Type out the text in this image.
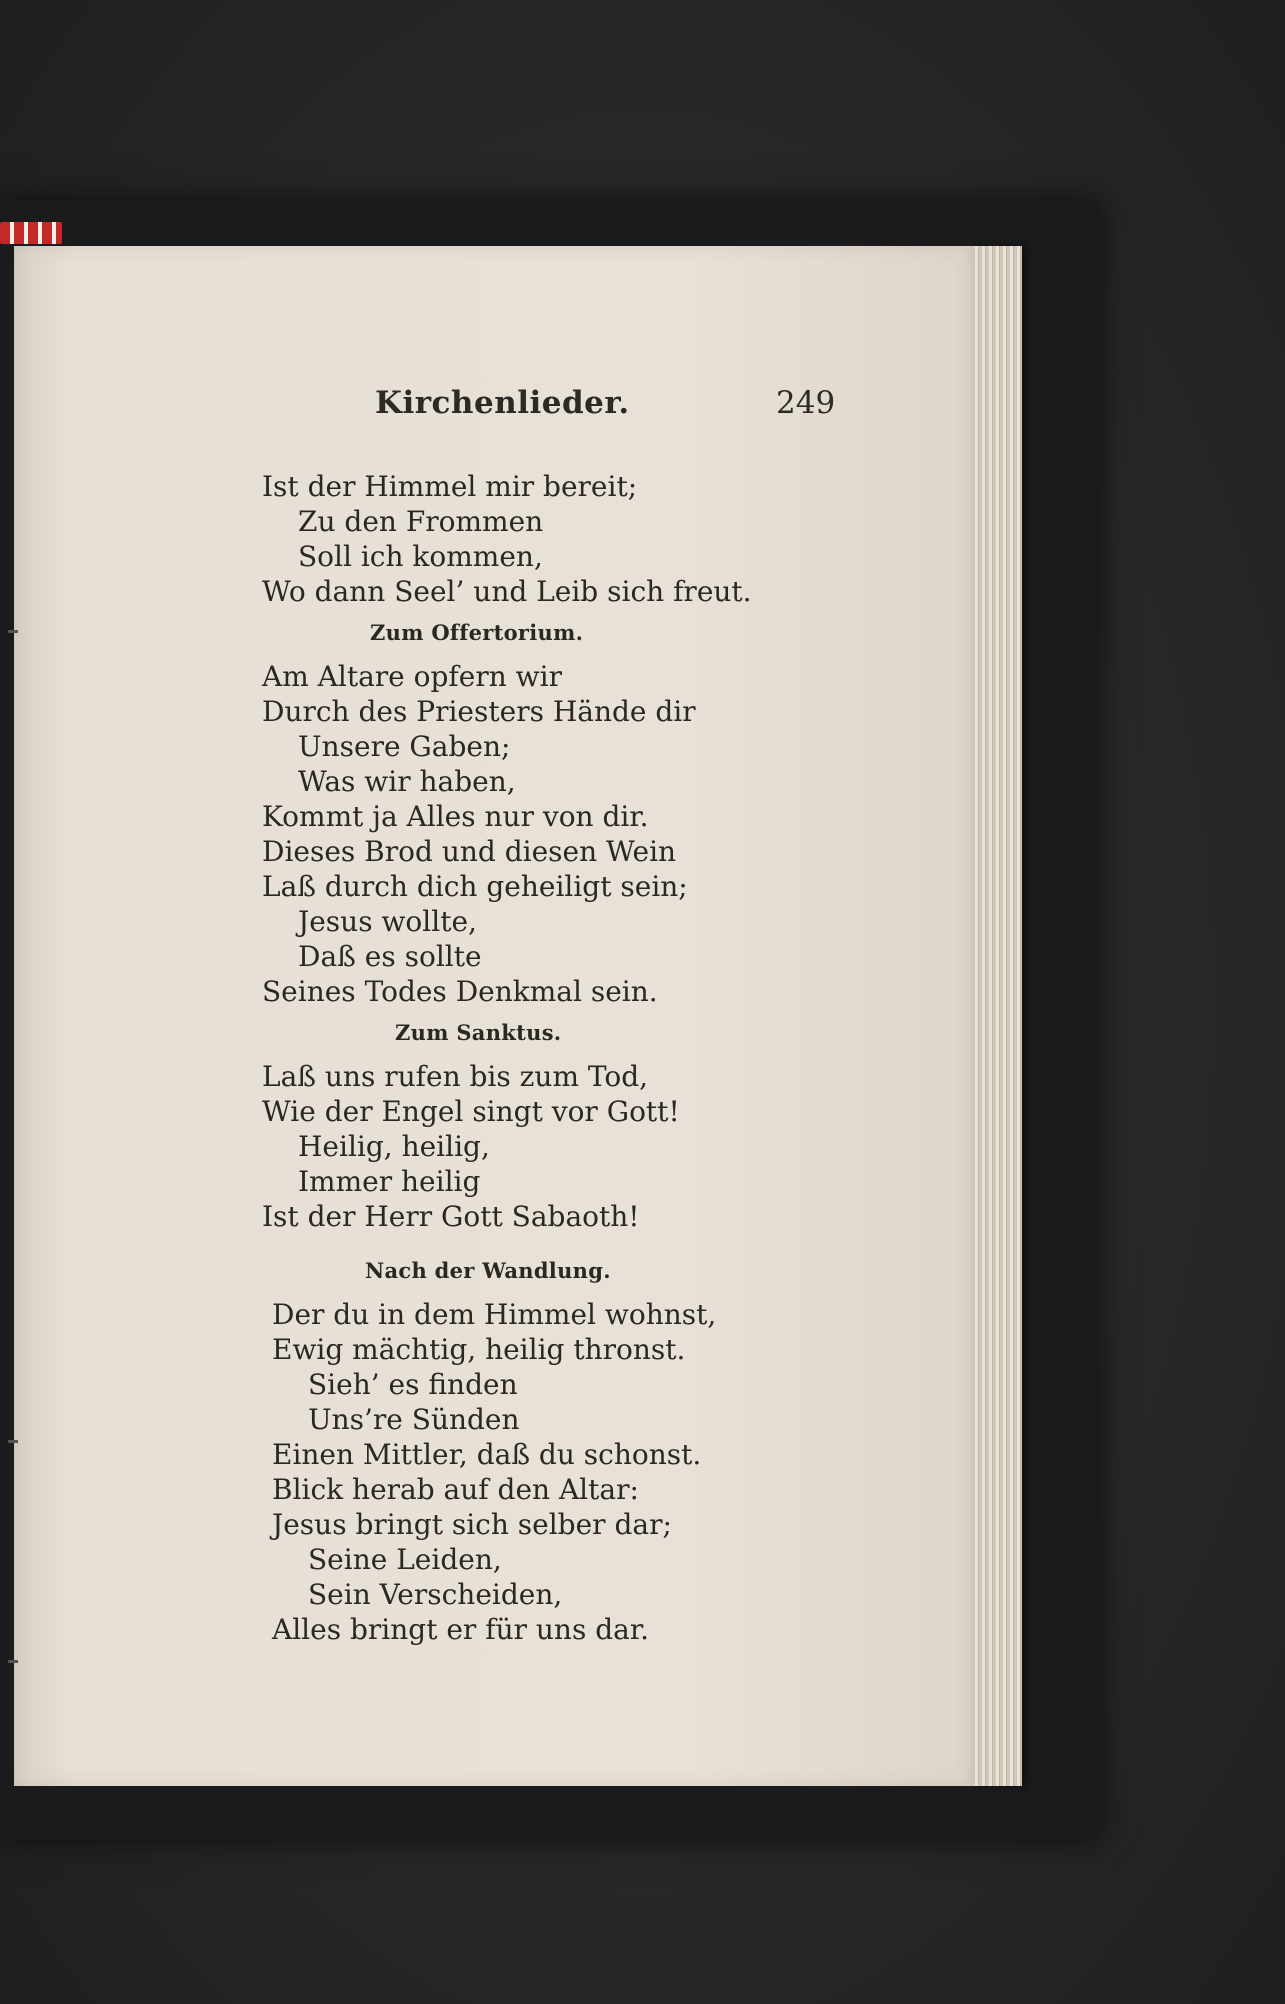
Kirchenlieder.	249
Ist der Himmel mir bereit;
Zu den Frommen
Soll ich kommen,
Wo dann Seel’ und Leib sich freut.
Zum Offertorium.
Am Altare opfern wir
Durch des Priesters Hände dir
Unsere Gaben;
Was wir haben,
Kommt ja Alles nur von dir.
Dieses Brod und diesen Wein
Laß durch dich geheiligt sein;
Jesus wollte,
Daß es sollte
Seines Todes Denkmal sein.
Zum Sanktus.
Laß uns rufen bis zum Tod,
Wie der Engel singt vor Gott!
Heilig, heilig,
Immer heilig
Ist der Herr Gott Sabaoth!
Nach der Wandlung.
Der du in dem Himmel wohnst,
Ewig mächtig, heilig thronst.
Sieh’ es finden
Uns’re Sünden
Einen Mittler, daß du schonst.
Blick herab auf den Altar:
Jesus bringt sich selber dar;
Seine Leiden,
Sein Verscheiden,
Alles bringt er für uns dar.
